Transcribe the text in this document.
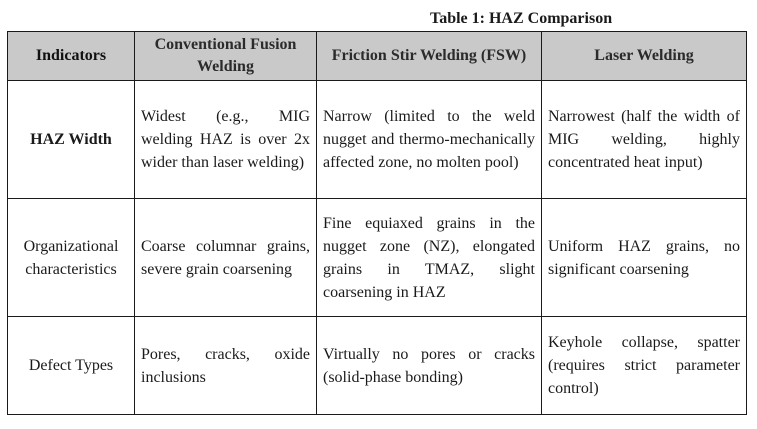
Table 1: HAZ Comparison
Indicators	Conventional Fusion Welding	Friction Stir Welding (FSW)	Laser Welding
HAZ Width	Widest (e.g., MIG welding HAZ is over 2x wider than laser welding)	Narrow (limited to the weld nugget and thermo-mechanically affected zone, no molten pool)	Narrowest (half the width of MIG welding, highly concentrated heat input)
Organizational characteristics	Coarse columnar grains, severe grain coarsening	Fine equiaxed grains in the nugget zone (NZ), elongated grains in TMAZ, slight coarsening in HAZ	Uniform HAZ grains, no significant coarsening
Defect Types	Pores, cracks, oxide inclusions	Virtually no pores or cracks (solid-phase bonding)	Keyhole collapse, spatter (requires strict parameter control)
